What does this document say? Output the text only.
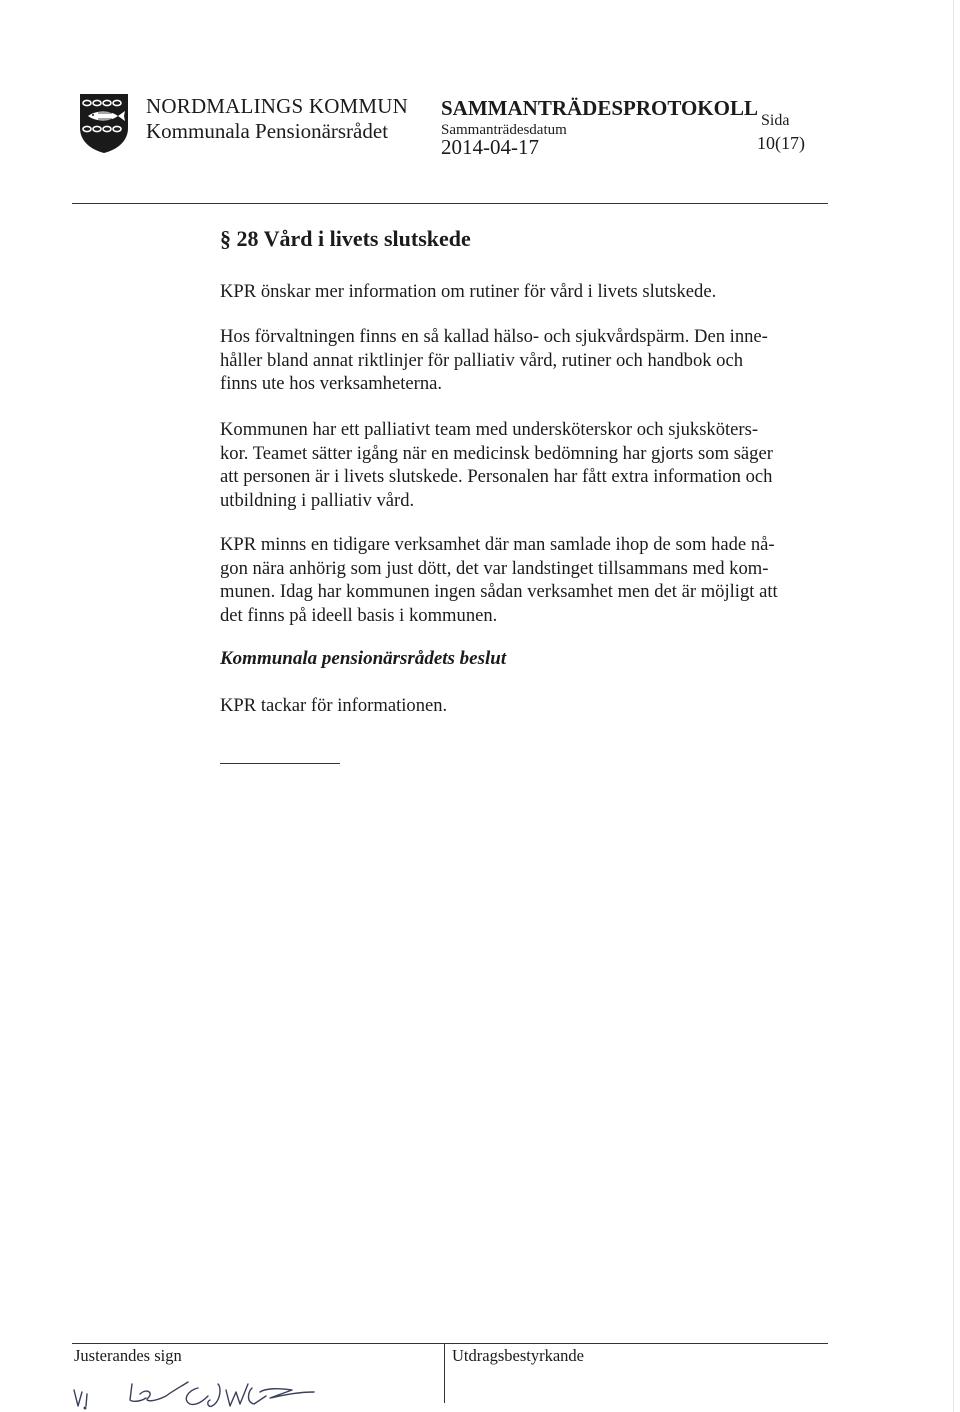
NORDMALINGS KOMMUN
Kommunala Pensionärsrådet
SAMMANTRÄDESPROTOKOLL
Sammanträdesdatum
2014-04-17
Sida
10(17)
§ 28 Vård i livets slutskede

KPR önskar mer information om rutiner för vård i livets slutskede.

Hos förvaltningen finns en så kallad hälso- och sjukvårdspärm. Den inne-
håller bland annat riktlinjer för palliativ vård, rutiner och handbok och
finns ute hos verksamheterna.

Kommunen har ett palliativt team med undersköterskor och sjuksköters-
kor. Teamet sätter igång när en medicinsk bedömning har gjorts som säger
att personen är i livets slutskede. Personalen har fått extra information och
utbildning i palliativ vård.

KPR minns en tidigare verksamhet där man samlade ihop de som hade nå-
gon nära anhörig som just dött, det var landstinget tillsammans med kom-
munen. Idag har kommunen ingen sådan verksamhet men det är möjligt att
det finns på ideell basis i kommunen.

Kommunala pensionärsrådets beslut

KPR tackar för informationen.

Justerandes sign	Utdragsbestyrkande
